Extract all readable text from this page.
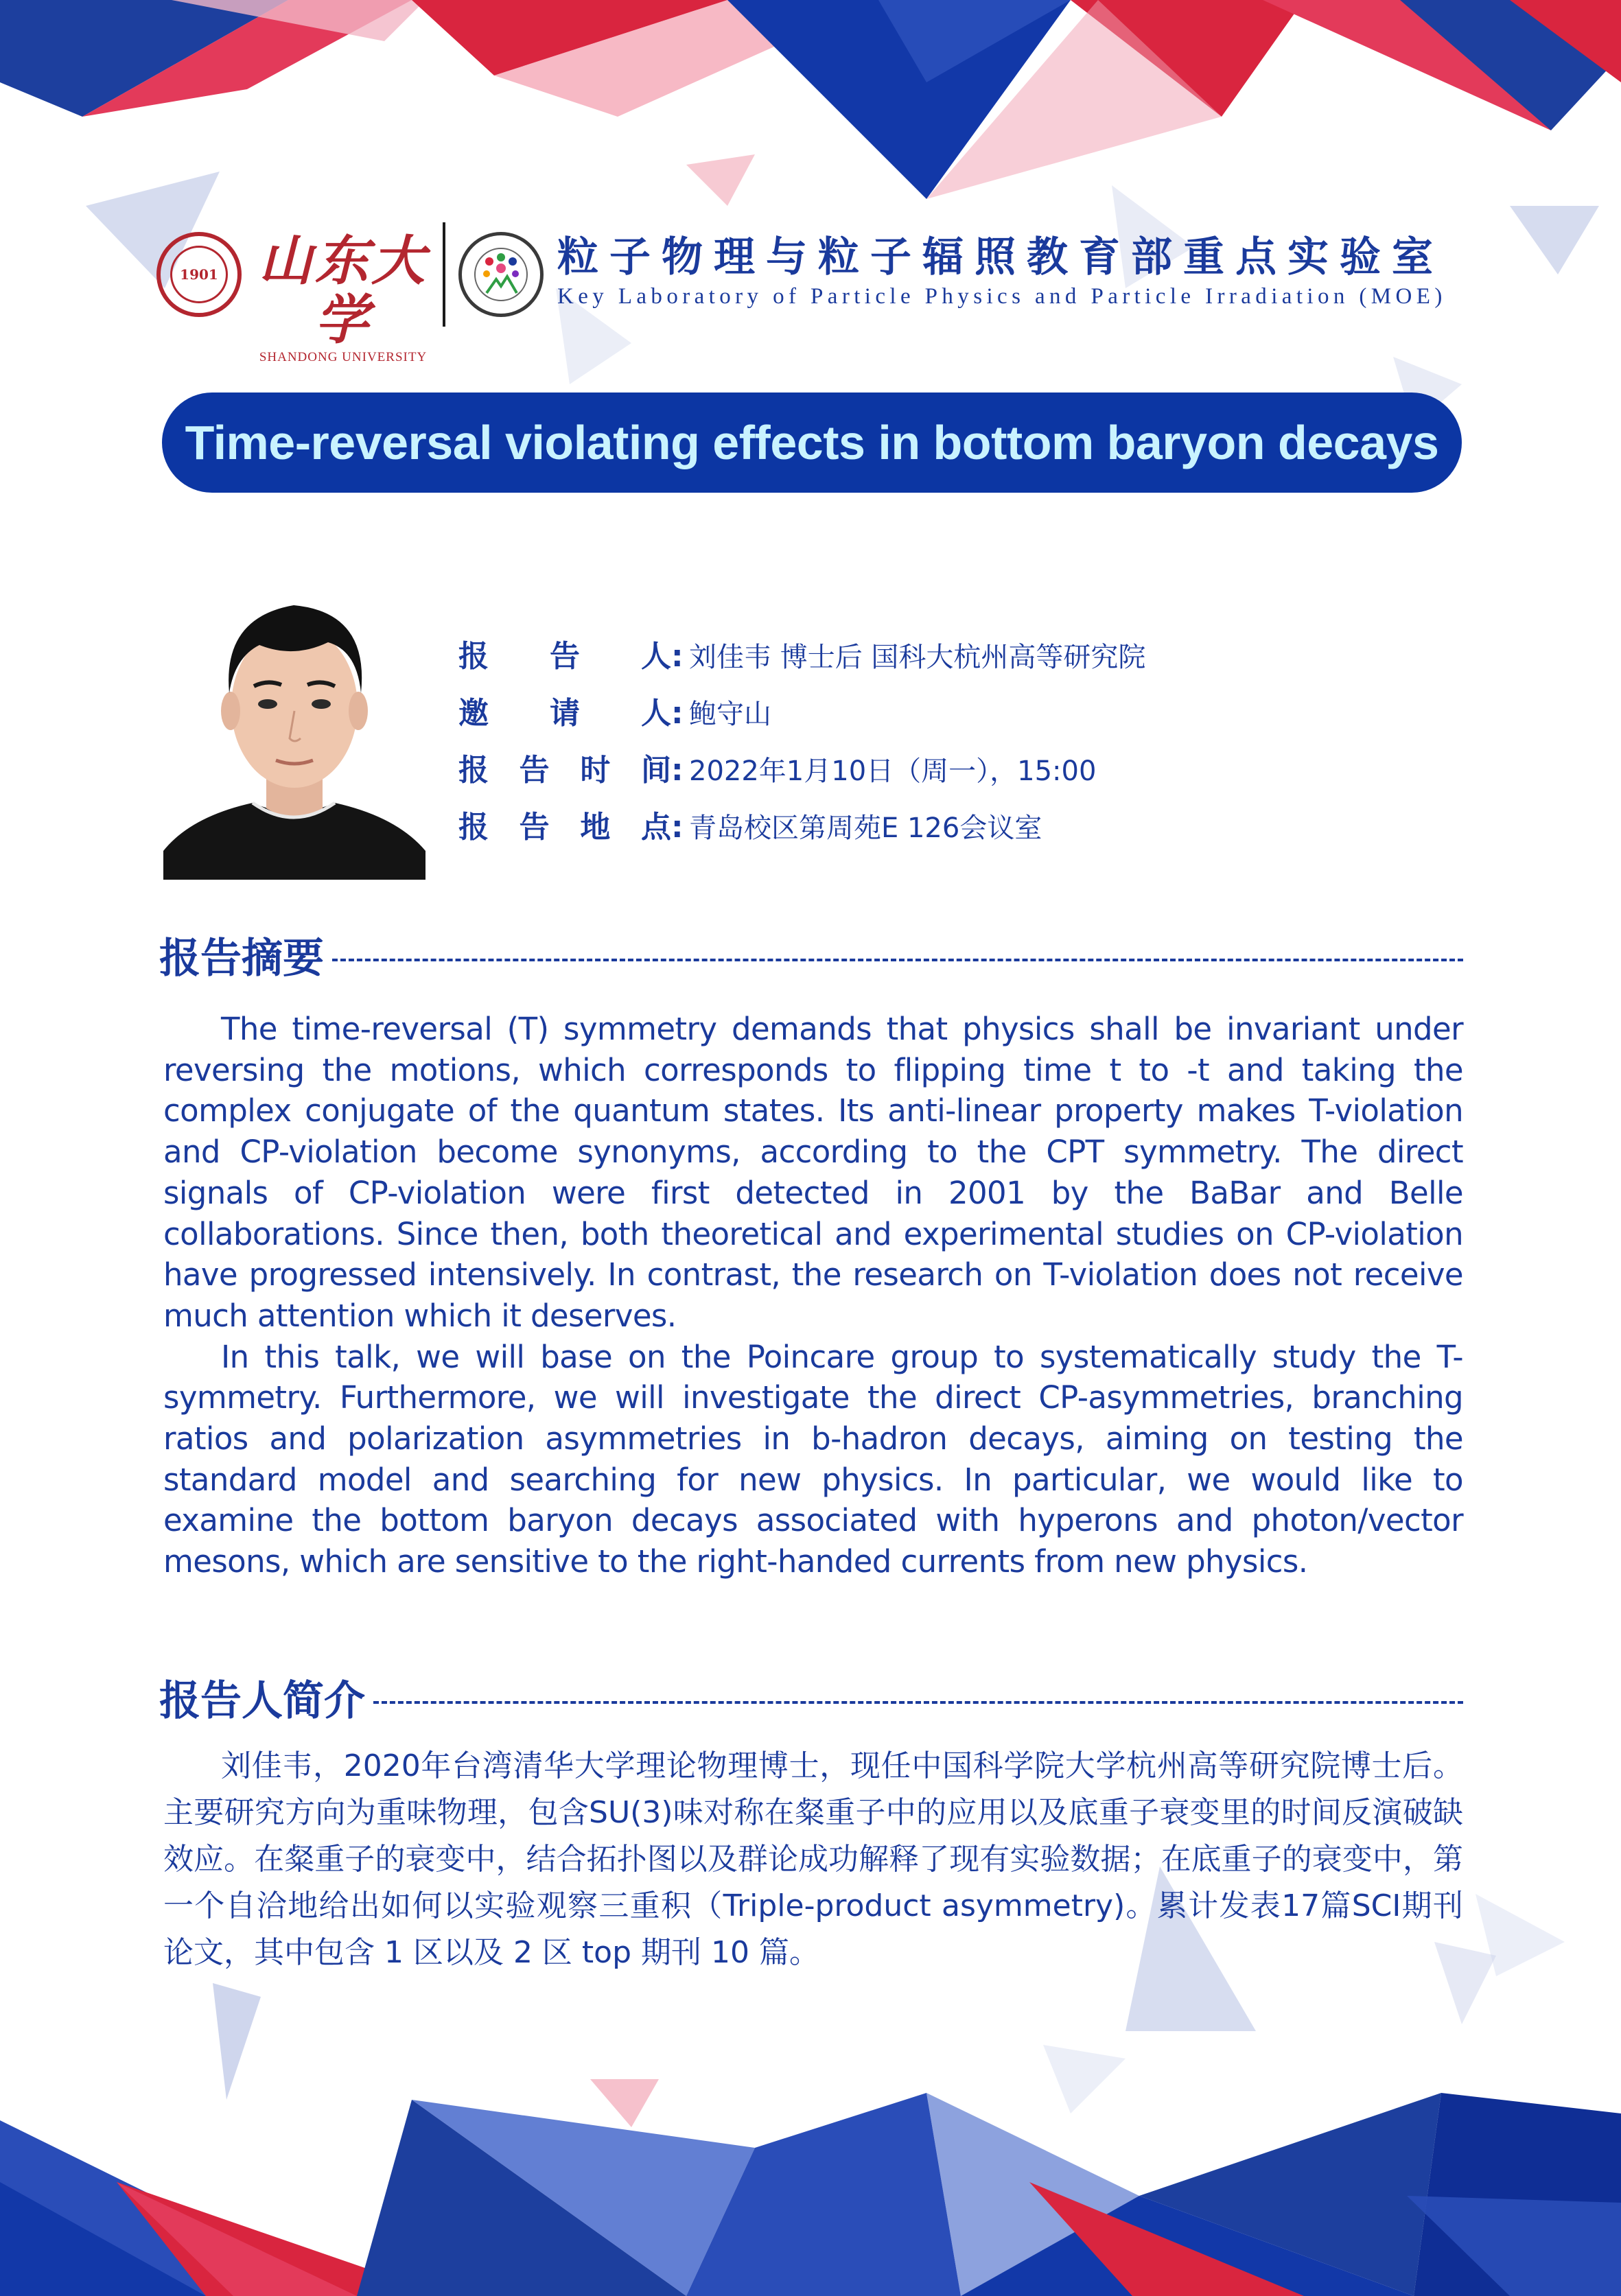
1901 山东大学
SHANDONG UNIVERSITY
粒子物理与粒子辐照教育部重点实验室
Key Laboratory of Particle Physics and Particle Irradiation (MOE)
Time-reversal violating effects in bottom baryon decays
报告人 : 刘佳韦 博士后 国科大杭州高等研究院
邀请人 : 鲍守山
报告时间 : 2022年1月10日（周一），15:00
报告地点 : 青岛校区第周苑E 126会议室
报告摘要

The time-reversal (T) symmetry demands that physics shall be invariant under reversing the motions, which corresponds to flipping time t to -t and taking the complex conjugate of the quantum states. Its anti-linear property makes T-violation and CP-violation become synonyms, according to the CPT symmetry. The direct signals of CP-violation were first detected in 2001 by the BaBar and Belle collaborations. Since then, both theoretical and experimental studies on CP-violation have progressed intensively. In contrast, the research on T-violation does not receive much attention which it deserves.

In this talk, we will base on the Poincare group to systematically study the T-symmetry. Furthermore, we will investigate the direct CP-asymmetries, branching ratios and polarization asymmetries in b-hadron decays, aiming on testing the standard model and searching for new physics. In particular, we would like to examine the bottom baryon decays associated with hyperons and photon/vector mesons, which are sensitive to the right-handed currents from new physics.

报告人简介

刘佳韦，2020年台湾清华大学理论物理博士，现任中国科学院大学杭州高等研究院博士后。主要研究方向为重味物理，包含SU(3)味对称在粲重子中的应用以及底重子衰变里的时间反演破缺效应。在粲重子的衰变中，结合拓扑图以及群论成功解释了现有实验数据；在底重子的衰变中，第一个自洽地给出如何以实验观察三重积（Triple-product asymmetry)。累计发表17篇SCI期刊 论文，其中包含 1 区以及 2 区 top 期刊 10 篇。
